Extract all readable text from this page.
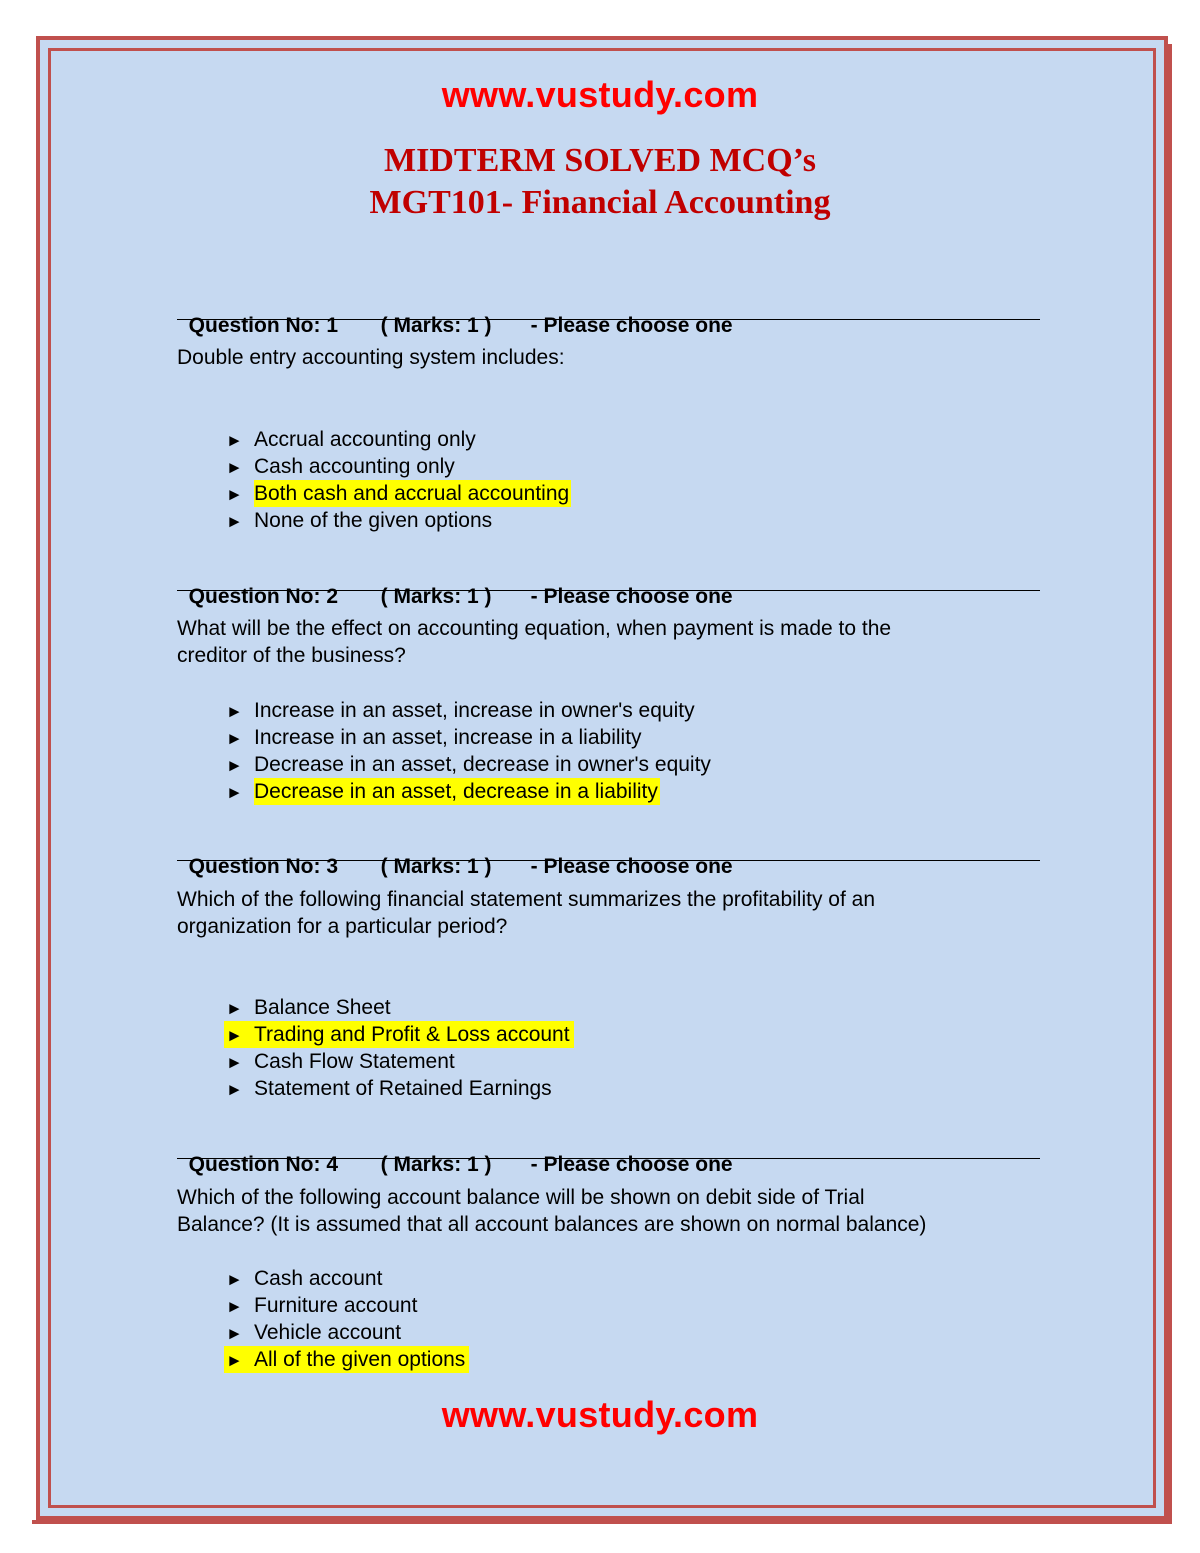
www.vustudy.com
MIDTERM SOLVED MCQ’s
MGT101- Financial Accounting

Question No: 1 ( Marks: 1 ) - Please choose one

Double entry accounting system includes:
► Accrual accounting only
► Cash accounting only
► Both cash and accrual accounting
► None of the given options

Question No: 2 ( Marks: 1 ) - Please choose one

What will be the effect on accounting equation, when payment is made to the
creditor of the business?
► Increase in an asset, increase in owner's equity
► Increase in an asset, increase in a liability
► Decrease in an asset, decrease in owner's equity
► Decrease in an asset, decrease in a liability

Question No: 3 ( Marks: 1 ) - Please choose one

Which of the following financial statement summarizes the profitability of an
organization for a particular period?
► Balance Sheet
► Trading and Profit & Loss account
► Cash Flow Statement
► Statement of Retained Earnings

Question No: 4 ( Marks: 1 ) - Please choose one

Which of the following account balance will be shown on debit side of Trial
Balance? (It is assumed that all account balances are shown on normal balance)
► Cash account
► Furniture account
► Vehicle account
► All of the given options
www.vustudy.com
